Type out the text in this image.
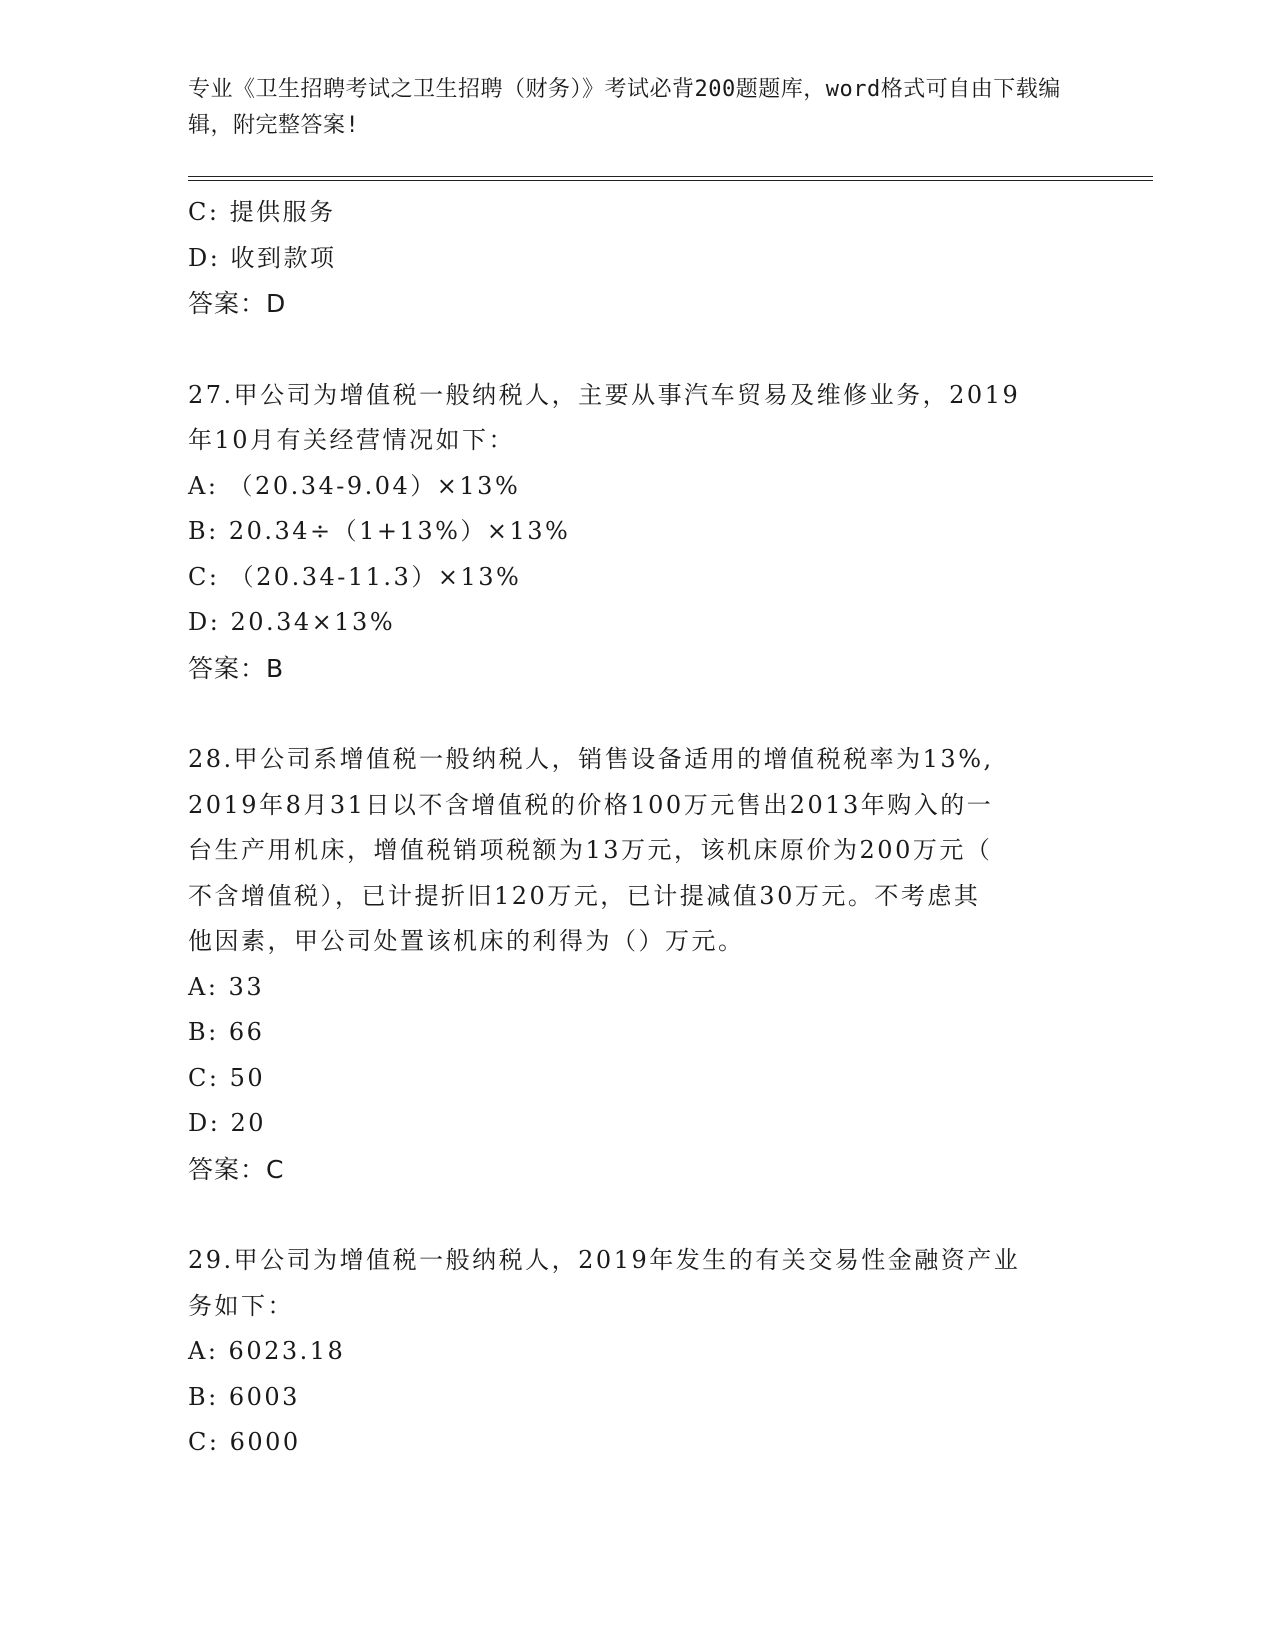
专业《卫生招聘考试之卫生招聘（财务）》考试必背200题题库，word格式可自由下载编辑，附完整答案!

C: 提供服务

D: 收到款项

答案：D

27.甲公司为增值税一般纳税人，主要从事汽车贸易及维修业务，2019

年10月有关经营情况如下：

A: （20.34-9.04）×13%

B: 20.34÷（1+13%）×13%

C: （20.34-11.3）×13%

D: 20.34×13%

答案：B

28.甲公司系增值税一般纳税人，销售设备适用的增值税税率为13%,

2019年8月31日以不含增值税的价格100万元售出2013年购入的一

台生产用机床，增值税销项税额为13万元，该机床原价为200万元（

不含增值税），已计提折旧120万元，已计提减值30万元。不考虑其

他因素，甲公司处置该机床的利得为（）万元。

A: 33

B: 66

C: 50

D: 20

答案：C

29.甲公司为增值税一般纳税人，2019年发生的有关交易性金融资产业

务如下：

A: 6023.18

B: 6003

C: 6000
